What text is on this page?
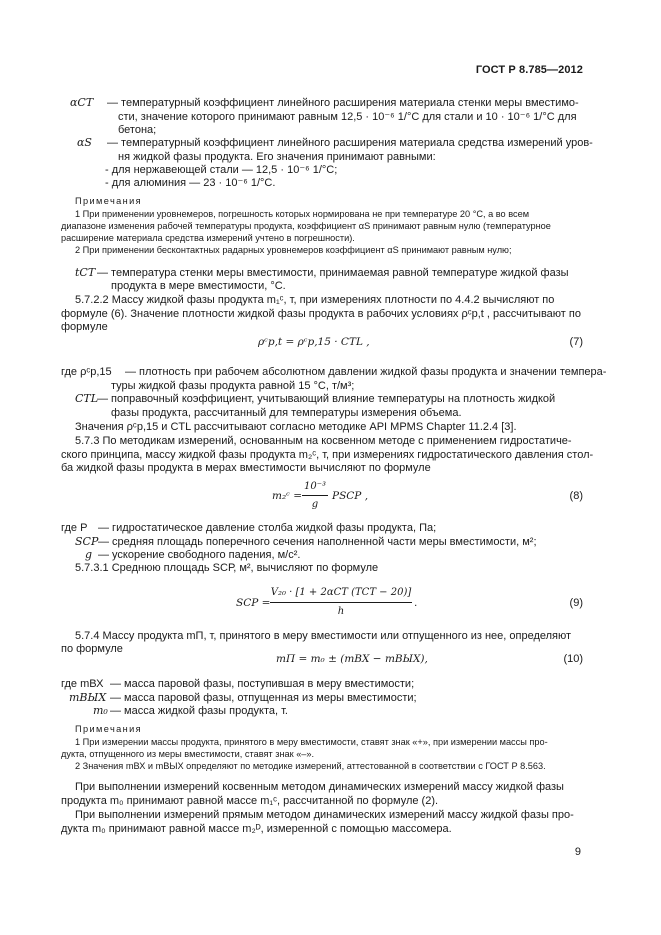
ГОСТ Р 8.785—2012
αСТ — температурный коэффициент линейного расширения материала стенки меры вместимо-
сти, значение которого принимают равным 12,5 · 10⁻⁶ 1/°С для стали и 10 · 10⁻⁶ 1/°С для
бетона;
αS — температурный коэффициент линейного расширения материала средства измерений уров-
ня жидкой фазы продукта. Его значения принимают равными:
- для нержавеющей стали — 12,5 · 10⁻⁶ 1/°С;
- для алюминия — 23 · 10⁻⁶ 1/°С.
Примечания
1 При применении уровнемеров, погрешность которых нормирована не при температуре 20 °С, а во всем
диапазоне изменения рабочей температуры продукта, коэффициент αS принимают равным нулю (температурное
расширение материала средства измерений учтено в погрешности).
2 При применении бесконтактных радарных уровнемеров коэффициент αS принимают равным нулю;
tСТ — температура стенки меры вместимости, принимаемая равной температуре жидкой фазы
продукта в мере вместимости, °С.
5.7.2.2 Массу жидкой фазы продукта m₁ᶜ, т, при измерениях плотности по 4.4.2 вычисляют по
формуле (6). Значение плотности жидкой фазы продукта в рабочих условиях ρᶜp,t , рассчитывают по
формуле
ρᶜp,t = ρᶜp,15 · CTL ,	(7)
где ρᶜp,15 — плотность при рабочем абсолютном давлении жидкой фазы продукта и значении темпера-
туры жидкой фазы продукта равной 15 °С, т/м³;
CTL
— поправочный коэффициент, учитывающий влияние температуры на плотность жидкой
фазы продукта, рассчитанный для температуры измерения объема.
Значения ρᶜp,15 и CTL рассчитывают согласно методике API MPMS Chapter 11.2.4 [3].
5.7.3 По методикам измерений, основанным на косвенном методе с применением гидростатиче-
ского принципа, массу жидкой фазы продукта m₂ᶜ, т, при измерениях гидростатического давления стол-
ба жидкой фазы продукта в мерах вместимости вычисляют по формуле
m₂ᶜ =
10⁻³
g
PSСР ,	(8)
где P — гидростатическое давление столба жидкой фазы продукта, Па;
SСР — средняя площадь поперечного сечения наполненной части меры вместимости, м²;
g — ускорение свободного падения, м/с².
5.7.3.1 Среднюю площадь SСР, м², вычисляют по формуле
SСР =
V₂₀ · [1 + 2αСТ (TСТ − 20)]
h
.	(9)
5.7.4 Массу продукта mП, т, принятого в меру вместимости или отпущенного из нее, определяют
по формуле
mП = m₀ ± (mВХ − mВЫХ),	(10)
где mВХ — масса паровой фазы, поступившая в меру вместимости;
mВЫХ — масса паровой фазы, отпущенная из меры вместимости;
m₀ — масса жидкой фазы продукта, т.
Примечания
1 При измерении массы продукта, принятого в меру вместимости, ставят знак «+», при измерении массы про-
дукта, отпущенного из меры вместимости, ставят знак «–».
2 Значения mВХ и mВЫХ определяют по методике измерений, аттестованной в соответствии с ГОСТ Р 8.563.
При выполнении измерений косвенным методом динамических измерений массу жидкой фазы
продукта m₀ принимают равной массе m₁ᶜ, рассчитанной по формуле (2).
При выполнении измерений прямым методом динамических измерений массу жидкой фазы про-
дукта m₀ принимают равной массе m₂ᴰ, измеренной с помощью массомера.
9
